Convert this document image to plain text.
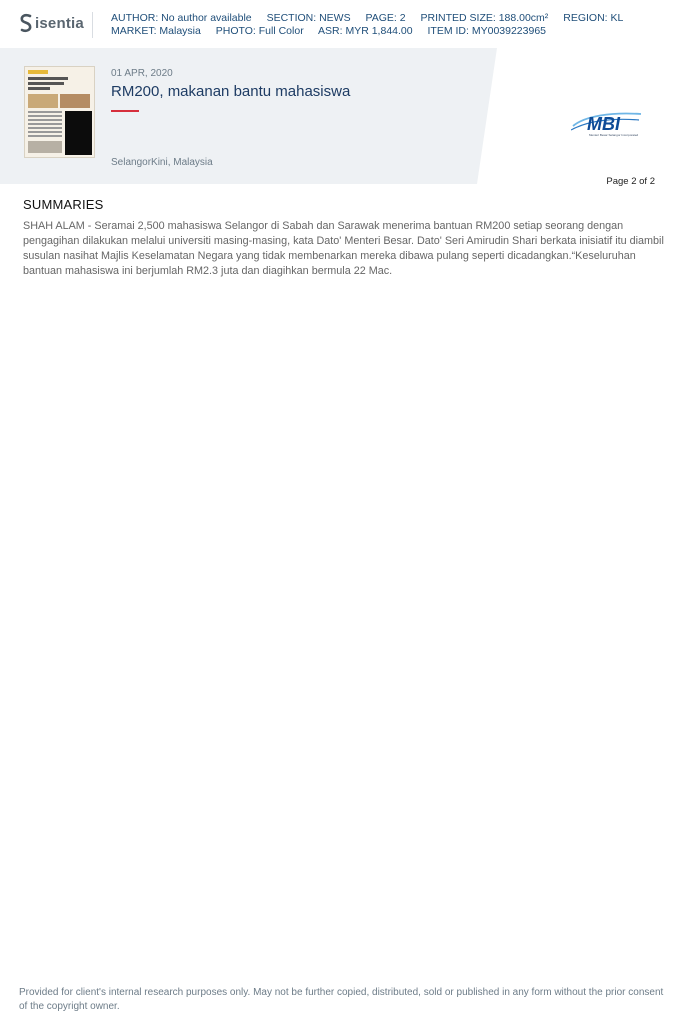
isentia	AUTHOR: No author available SECTION: NEWS PAGE: 2 PRINTED SIZE: 188.00cm² REGION: KL
MARKET: Malaysia PHOTO: Full Color ASR: MYR 1,844.00 ITEM ID: MY0039223965
01 APR, 2020
RM200, makanan bantu mahasiswa
SelangorKini, Malaysia
MBI
Menteri Besar Selangor Incorporated
Page 2 of 2
SUMMARIES
SHAH ALAM - Seramai 2,500 mahasiswa Selangor di Sabah dan Sarawak menerima bantuan RM200 setiap seorang dengan pengagihan dilakukan melalui universiti masing-masing, kata Dato' Menteri Besar. Dato' Seri Amirudin Shari berkata inisiatif itu diambil susulan nasihat Majlis Keselamatan Negara yang tidak membenarkan mereka dibawa pulang seperti dicadangkan.“Keseluruhan bantuan mahasiswa ini berjumlah RM2.3 juta dan diagihkan bermula 22 Mac.
Provided for client's internal research purposes only. May not be further copied, distributed, sold or published in any form without the prior consent of the copyright owner.
